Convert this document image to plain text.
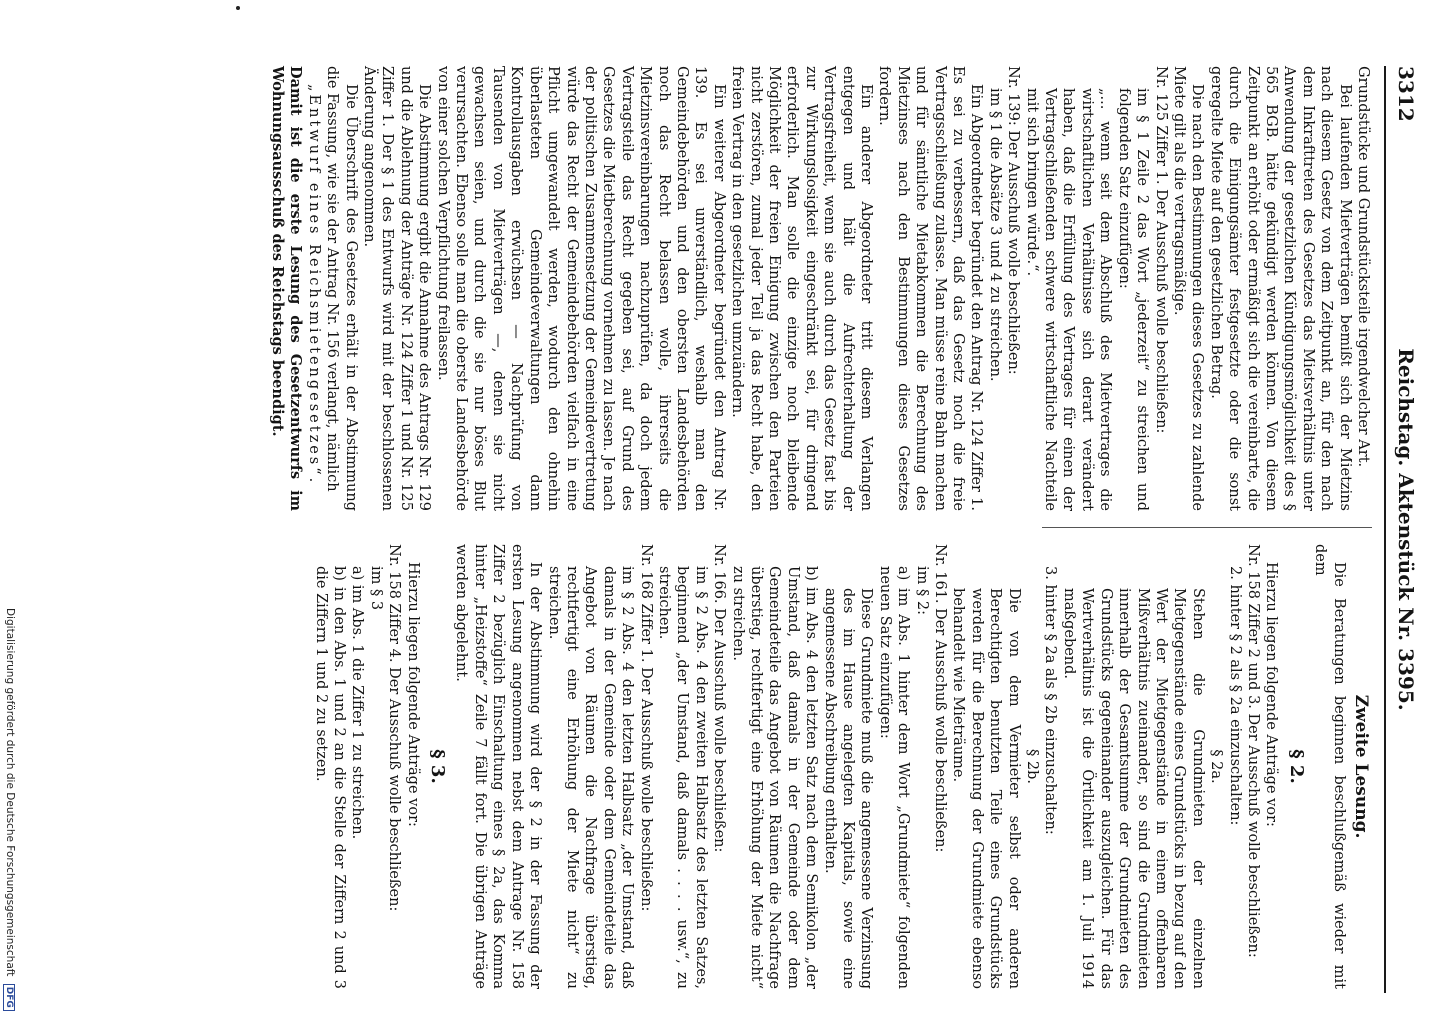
3312
Reichstag. Aktenstück Nr. 3395.

Grundstücke und Grundstücksteile irgendwelcher Art.

Bei laufenden Mietverträgen bemißt sich der Mietzins nach diesem Gesetz von dem Zeitpunkt an, für den nach dem Inkrafttreten des Gesetzes das Mietsverhältnis unter Anwendung der gesetzlichen Kündigungsmöglichkeit des § 565 BGB. hätte gekündigt werden können. Von diesem Zeitpunkt an erhöht oder ermäßigt sich die vereinbarte, die durch die Einigungsämter festgesetzte oder die sonst geregelte Miete auf den gesetzlichen Betrag.

Die nach den Bestimmungen dieses Gesetzes zu zahlende Miete gilt als die vertragsmäßige.

Nr. 125 Ziffer 1. Der Ausschuß wolle beschließen:

im § 1 Zeile 2 das Wort „jederzeit“ zu streichen und folgenden Satz einzufügen:

„... wenn seit dem Abschluß des Mietvertrages die wirtschaftlichen Verhältnisse sich derart verändert haben, daß die Erfüllung des Vertrages für einen der Vertragschließenden schwere wirtschaftliche Nachteile mit sich bringen würde.“.

Nr. 139: Der Ausschuß wolle beschließen:

im § 1 die Absätze 3 und 4 zu streichen.

Ein Abgeordneter begründet den Antrag Nr. 124 Ziffer 1. Es sei zu verbessern, daß das Gesetz noch die freie Vertragsschließung zulasse. Man müsse reine Bahn machen und für sämtliche Mietabkommen die Berechnung des Mietzinses nach den Bestimmungen dieses Gesetzes fordern.

Ein anderer Abgeordneter tritt diesem Verlangen entgegen und hält die Aufrechterhaltung der Vertragsfreiheit, wenn sie auch durch das Gesetz fast bis zur Wirkungslosigkeit eingeschränkt sei, für dringend erforderlich. Man solle die einzige noch bleibende Möglichkeit der freien Einigung zwischen den Parteien nicht zerstören, zumal jeder Teil ja das Recht habe, den freien Vertrag in den gesetzlichen umzuändern.

Ein weiterer Abgeordneter begründet den Antrag Nr. 139. Es sei unverständlich, weshalb man den Gemeindebehörden und den obersten Landesbehörden noch das Recht belassen wolle, ihrerseits die Mietzinsvereinbarungen nachzuprüfen, da doch jedem Vertragsteile das Recht gegeben sei, auf Grund des Gesetzes die Mietberechnung vornehmen zu lassen. Je nach der politischen Zusammensetzung der Gemeindevertretung würde das Recht der Gemeindebehörden vielfach in eine Pflicht umgewandelt werden, wodurch den ohnehin überlasteten Gemeindeverwaltungen dann Kontrollausgaben erwüchsen — Nachprüfung von Tausenden von Mietverträgen —, denen sie nicht gewachsen seien, und durch die sie nur böses Blut verursachten. Ebenso solle man die oberste Landesbehörde von einer solchen Verpflichtung freilassen.

Die Abstimmung ergibt die Annahme des Antrags Nr. 129 und die Ablehnung der Anträge Nr. 124 Ziffer 1 und Nr. 125 Ziffer 1. Der § 1 des Entwurfs wird mit der beschlossenen Änderung angenommen.

Die Überschrift des Gesetzes erhält in der Abstimmung die Fassung, wie sie der Antrag Nr. 156 verlangt, nämlich

„Entwurf eines Reichsmietengesetzes“.

Damit ist die erste Lesung des Gesetzentwurfs im Wohnungsausschuß des Reichstags beendigt.

Zweite Lesung.

Die Beratungen beginnen beschlußgemäß wieder mit dem

§ 2.

Hierzu liegen folgende Anträge vor:

Nr. 158 Ziffer 2 und 3. Der Ausschuß wolle beschließen:

2. hinter § 2 als § 2a einzuschalten:

§ 2a.

Stehen die Grundmieten der einzelnen Mietgegenstände eines Grundstücks in bezug auf den Wert der Mietgegenstände in einem offenbaren Mißverhältnis zueinander, so sind die Grundmieten innerhalb der Gesamtsumme der Grundmieten des Grundstücks gegeneinander auszugleichen. Für das Wertverhältnis ist die Örtlichkeit am 1. Juli 1914 maßgebend.

3. hinter § 2a als § 2b einzuschalten:

§ 2b.

Die von dem Vermieter selbst oder anderen Berechtigten benutzten Teile eines Grundstücks werden für die Berechnung der Grundmiete ebenso behandelt wie Mieträume.

Nr. 161. Der Ausschuß wolle beschließen:

im § 2:

a) im Abs. 1 hinter dem Wort „Grundmiete“ folgenden neuen Satz einzufügen:

Diese Grundmiete muß die angemessene Verzinsung des im Hause angelegten Kapitals, sowie eine angemessene Abschreibung enthalten.

b) im Abs. 4 den letzten Satz nach dem Semikolon „der Umstand, daß damals in der Gemeinde oder dem Gemeindeteile das Angebot von Räumen die Nachfrage überstieg, rechtfertigt eine Erhöhung der Miete nicht“ zu streichen.

Nr. 166. Der Ausschuß wolle beschließen:

im § 2 Abs. 4 den zweiten Halbsatz des letzten Satzes, beginnend „der Umstand, daß damals . . . . usw.“, zu streichen.

Nr. 168 Ziffer 1. Der Ausschuß wolle beschließen:

im § 2 Abs. 4 den letzten Halbsatz „der Umstand, daß damals in der Gemeinde oder dem Gemeindeteile das Angebot von Räumen die Nachfrage überstieg, rechtfertigt eine Erhöhung der Miete nicht“ zu streichen.

In der Abstimmung wird der § 2 in der Fassung der ersten Lesung angenommen nebst dem Antrage Nr. 158 Ziffer 2 bezüglich Einschaltung eines § 2a, das Komma hinter „Heizstoffe“ Zeile 7 fällt fort. Die übrigen Anträge werden abgelehnt.

§ 3.

Hierzu liegen folgende Anträge vor:

Nr. 158 Ziffer 4. Der Ausschuß wolle beschließen:

im § 3

a) im Abs. 1 die Ziffer 1 zu streichen.

b) in den Abs. 1 und 2 an die Stelle der Ziffern 2 und 3 die Ziffern 1 und 2 zu setzen.

Digitalisierung gefördert durch die Deutsche Forschungsgemeinschaft DFG
